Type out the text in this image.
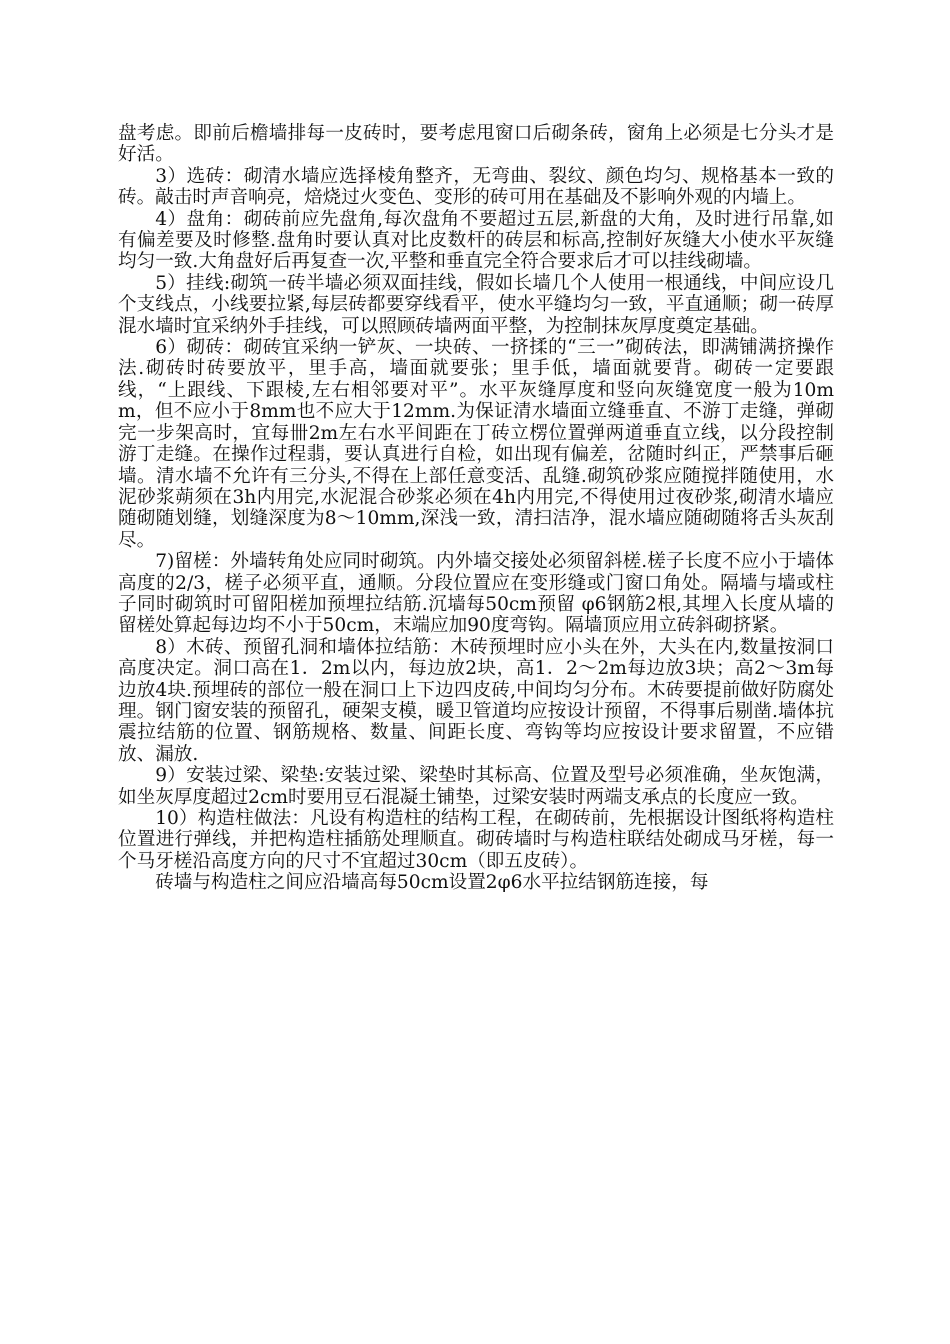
盘考虑。即前后檐墙排每一皮砖时，要考虑甩窗口后砌条砖，窗角上必须是七分头才是好活。

3）选砖：砌清水墙应选择棱角整齐，无弯曲、裂纹、颜色均匀、规格基本一致的砖。敲击时声音响亮，焙烧过火变色、变形的砖可用在基础及不影响外观的内墙上。

4）盘角：砌砖前应先盘角,每次盘角不要超过五层,新盘的大角，及时进行吊靠,如有偏差要及时修整.盘角时要认真对比皮数杆的砖层和标高,控制好灰缝大小使水平灰缝均匀一致.大角盘好后再复查一次,平整和垂直完全符合要求后才可以挂线砌墙。

5）挂线:砌筑一砖半墙必须双面挂线，假如长墙几个人使用一根通线，中间应设几个支线点，小线要拉紧,每层砖都要穿线看平，使水平缝均匀一致，平直通顺；砌一砖厚混水墙时宜采纳外手挂线，可以照顾砖墙两面平整，为控制抹灰厚度奠定基础。

6）砌砖：砌砖宜采纳一铲灰、一块砖、一挤揉的“三一”砌砖法，即满铺满挤操作法.砌砖时砖要放平，里手高，墙面就要张；里手低，墙面就要背。砌砖一定要跟线，“上跟线、下跟棱,左右相邻要对平”。水平灰缝厚度和竖向灰缝宽度一般为10mm，但不应小于8mm也不应大于12mm.为保证清水墙面立缝垂直、不游丁走缝，弹砌完一步架高时，宜每卌2m左右水平间距在丁砖立楞位置弹两道垂直立线，以分段控制游丁走缝。在操作过程翡，要认真进行自检，如出现有偏差，岔随时纠正，严禁事后砸墙。清水墙不允许有三分头,不得在上部任意变活、乱缝.砌筑砂浆应随搅拌随使用，水泥砂浆蒴须在3h内用完,水泥混合砂浆必须在4h内用完,不得使用过夜砂浆,砌清水墙应随砌随划缝，划缝深度为8～10mm,深浅一致，清扫洁净，混水墙应随砌随将舌头灰刮尽。

7)留槎：外墙转角处应同时砌筑。内外墙交接处必须留斜槎.槎子长度不应小于墙体高度的2/3，槎子必须平直，通顺。分段位置应在变形缝或门窗口角处。隔墙与墙或柱子同时砌筑时可留阳槎加预埋拉结筋.沉墙每50cm预留 φ6钢筋2根,其埋入长度从墙的留槎处算起每边均不小于50cm，末端应加90度弯钩。隔墙顶应用立砖斜砌挤紧。

8）木砖、预留孔洞和墙体拉结筋：木砖预埋时应小头在外，大头在内,数量按洞口高度决定。洞口高在1．2m以内，每边放2块，高1．2～2m每边放3块；高2～3m每边放4块.预埋砖的部位一般在洞口上下边四皮砖,中间均匀分布。木砖要提前做好防腐处理。钢门窗安装的预留孔，硬架支模，暖卫管道均应按设计预留，不得事后剔凿.墙体抗震拉结筋的位置、钢筋规格、数量、间距长度、弯钩等均应按设计要求留置，不应错放、漏放.

9）安装过梁、梁垫:安装过梁、梁垫时其标高、位置及型号必须准确，坐灰饱满，如坐灰厚度超过2cm时要用豆石混凝土铺垫，过梁安装时两端支承点的长度应一致。

10）构造柱做法：凡设有构造柱的结构工程，在砌砖前，先根据设计图纸将构造柱位置进行弹线，并把构造柱插筋处理顺直。砌砖墙时与构造柱联结处砌成马牙槎，每一个马牙槎沿高度方向的尺寸不宜超过30cm（即五皮砖）。

砖墙与构造柱之间应沿墙高每50cm设置2φ6水平拉结钢筋连接，每
